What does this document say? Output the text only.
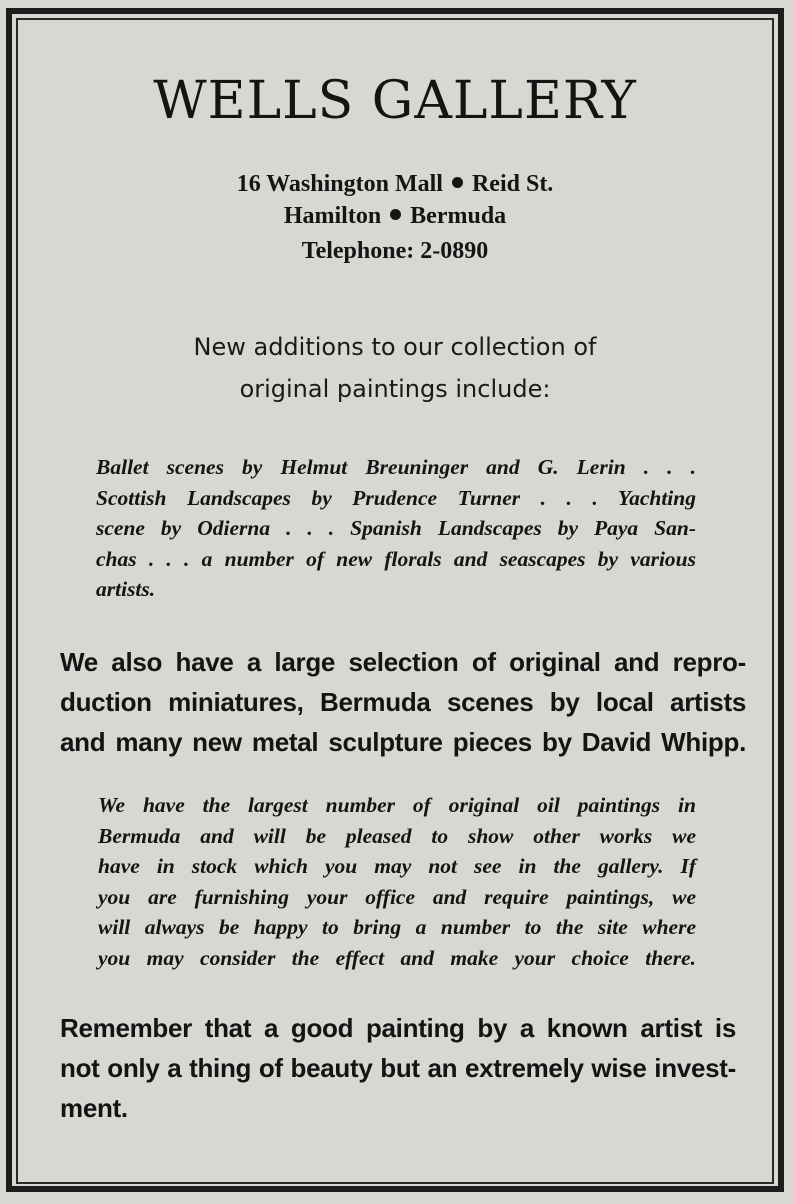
WELLS GALLERY
16 Washington Mall Reid St.
Hamilton Bermuda
Telephone: 2-0890
New additions to our collection of
original paintings include:
Ballet scenes by Helmut Breuninger and G. Lerin . . .
Scottish Landscapes by Prudence Turner . . . Yachting
scene by Odierna . . . Spanish Landscapes by Paya San-
chas . . . a number of new florals and seascapes by various
artists.
We also have a large selection of original and repro-
duction miniatures, Bermuda scenes by local artists
and many new metal sculpture pieces by David Whipp.
We have the largest number of original oil paintings in
Bermuda and will be pleased to show other works we
have in stock which you may not see in the gallery. If
you are furnishing your office and require paintings, we
will always be happy to bring a number to the site where
you may consider the effect and make your choice there.
Remember that a good painting by a known artist is
not only a thing of beauty but an extremely wise invest-
ment.
